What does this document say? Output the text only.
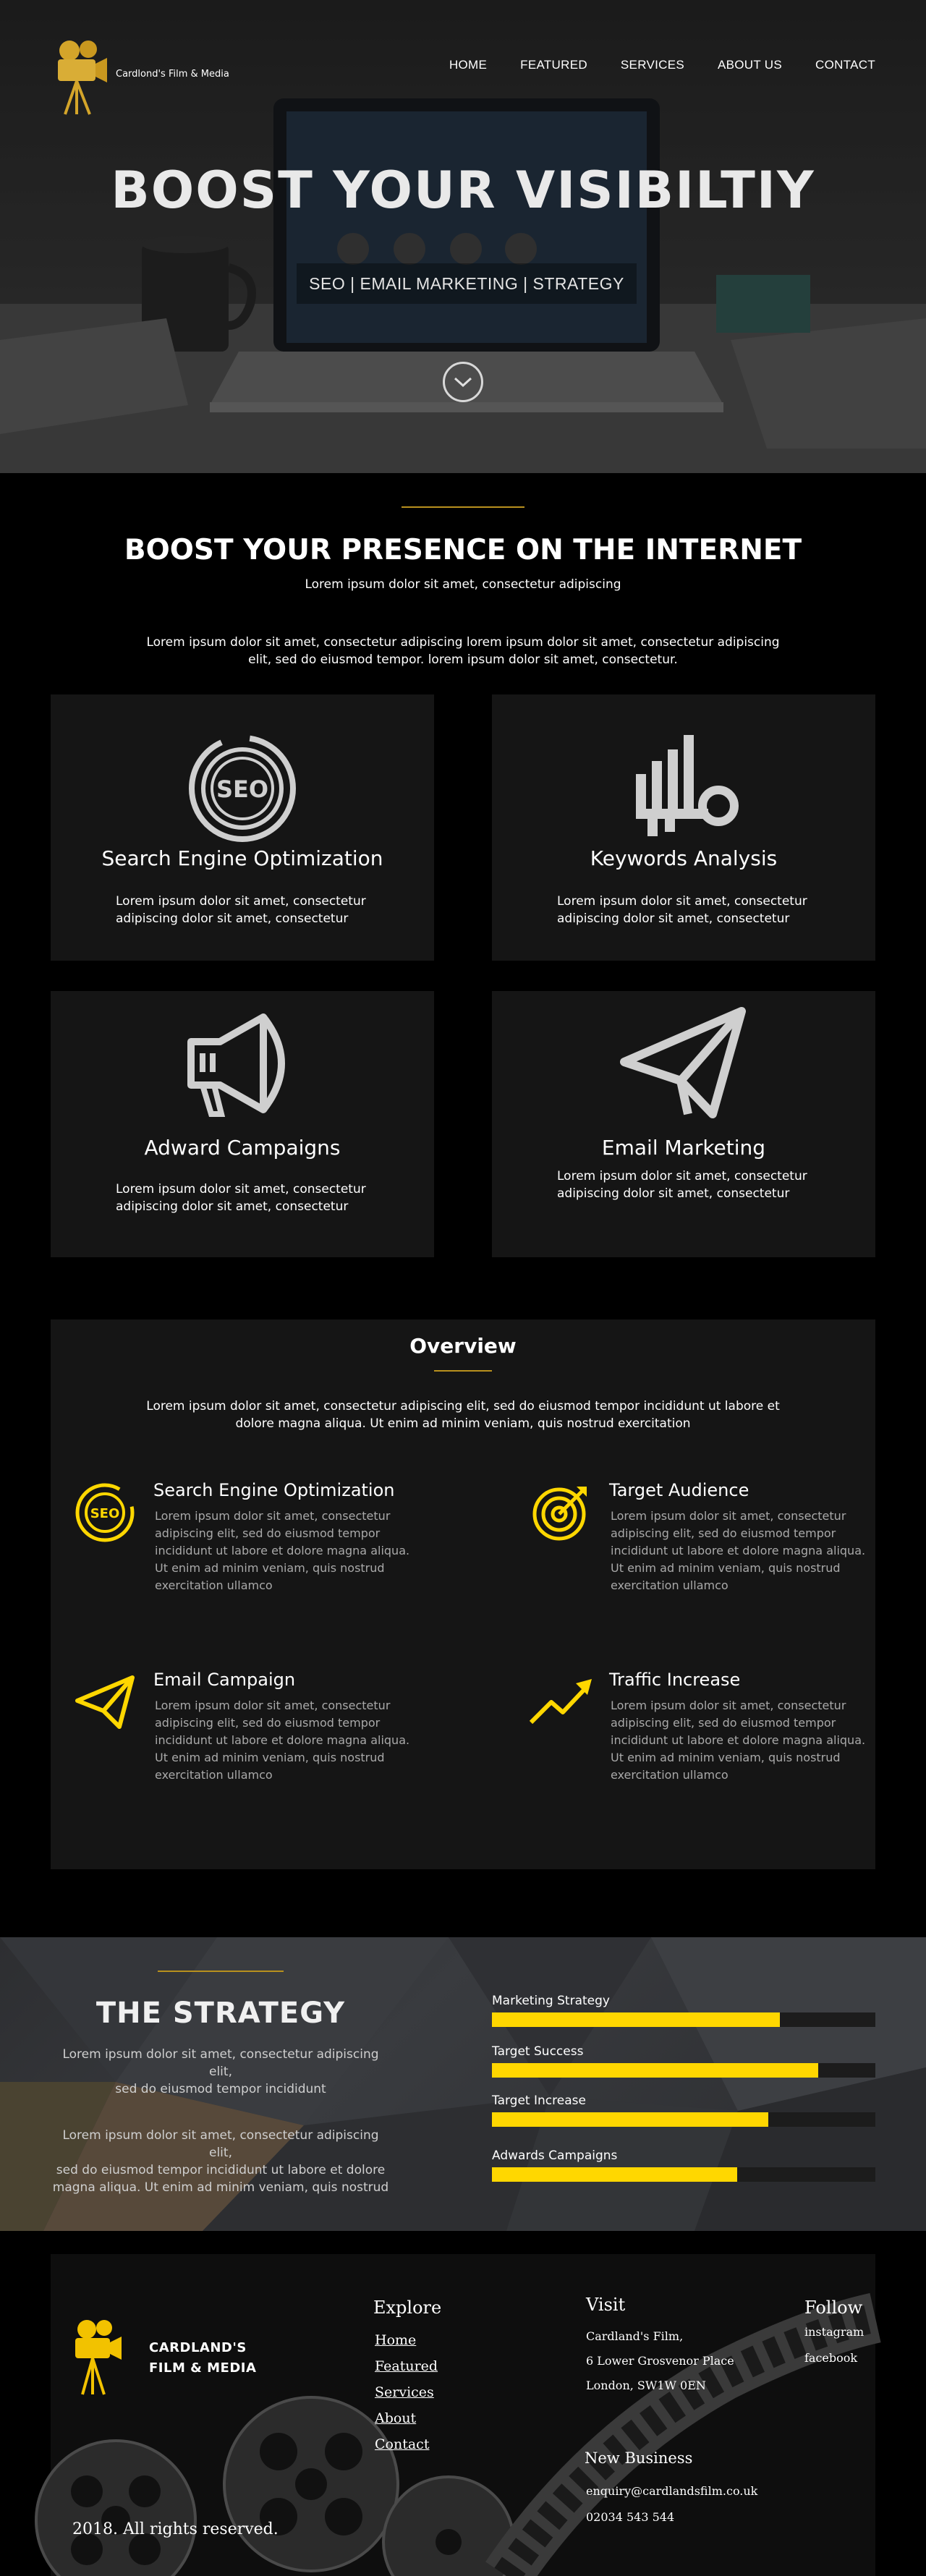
Cardlond's Film & Media
HOME	FEATURED	SERVICES	ABOUT US	CONTACT
BOOST YOUR VISIBILTIY
SEO | EMAIL MARKETING | STRATEGY
BOOST YOUR PRESENCE ON THE INTERNET

Lorem ipsum dolor sit amet, consectetur adipiscing

Lorem ipsum dolor sit amet, consectetur adipiscing lorem ipsum dolor sit amet, consectetur adipiscing
elit, sed do eiusmod tempor. lorem ipsum dolor sit amet, consectetur.
SEO
Search Engine Optimization

Lorem ipsum dolor sit amet, consectetur
adipiscing dolor sit amet, consectetur

Keywords Analysis

Lorem ipsum dolor sit amet, consectetur
adipiscing dolor sit amet, consectetur

Adward Campaigns

Lorem ipsum dolor sit amet, consectetur
adipiscing dolor sit amet, consectetur

Email Marketing

Lorem ipsum dolor sit amet, consectetur
adipiscing dolor sit amet, consectetur

Overview
Lorem ipsum dolor sit amet, consectetur adipiscing elit, sed do eiusmod tempor incididunt ut labore et
dolore magna aliqua. Ut enim ad minim veniam, quis nostrud exercitation
SEO
Search Engine Optimization

Lorem ipsum dolor sit amet, consectetur
adipiscing elit, sed do eiusmod tempor
incididunt ut labore et dolore magna aliqua.
Ut enim ad minim veniam, quis nostrud
exercitation ullamco

Target Audience

Lorem ipsum dolor sit amet, consectetur
adipiscing elit, sed do eiusmod tempor
incididunt ut labore et dolore magna aliqua.
Ut enim ad minim veniam, quis nostrud
exercitation ullamco

Email Campaign

Lorem ipsum dolor sit amet, consectetur
adipiscing elit, sed do eiusmod tempor
incididunt ut labore et dolore magna aliqua.
Ut enim ad minim veniam, quis nostrud
exercitation ullamco

Traffic Increase

Lorem ipsum dolor sit amet, consectetur
adipiscing elit, sed do eiusmod tempor
incididunt ut labore et dolore magna aliqua.
Ut enim ad minim veniam, quis nostrud
exercitation ullamco

THE STRATEGY
Lorem ipsum dolor sit amet, consectetur adipiscing elit,
sed do eiusmod tempor incididunt
Lorem ipsum dolor sit amet, consectetur adipiscing elit,
sed do eiusmod tempor incididunt ut labore et dolore
magna aliqua. Ut enim ad minim veniam, quis nostrud
Marketing Strategy
Target Success
Target Increase
Adwards Campaigns
CARDLAND'S
FILM & MEDIA
Explore
Home
Featured
Services
About
Contact
Visit
Cardland's Film,
6 Lower Grosvenor Place
London, SW1W 0EN
New Business
enquiry@cardlandsfilm.co.uk
02034 543 544
Follow
instagram
facebook
2018. All rights reserved.
